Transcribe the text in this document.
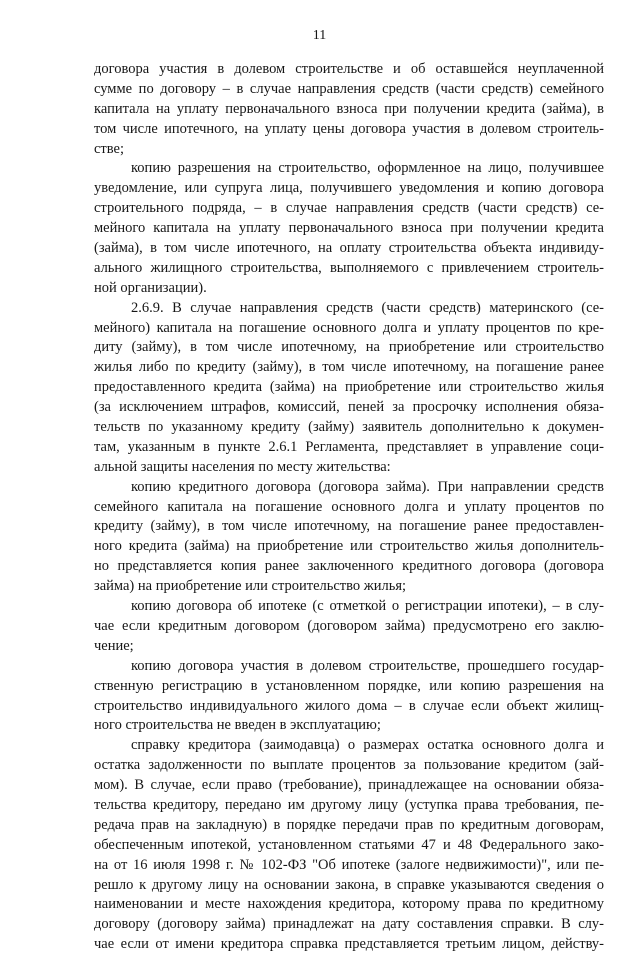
11
договора участия в долевом строительстве и об оставшейся неуплаченной
сумме по договору – в случае направления средств (части средств) семейного
капитала на уплату первоначального взноса при получении кредита (займа), в
том числе ипотечного, на уплату цены договора участия в долевом строитель-
стве;
копию разрешения на строительство, оформленное на лицо, получившее
уведомление, или супруга лица, получившего уведомления и копию договора
строительного подряда, – в случае направления средств (части средств) се-
мейного капитала на уплату первоначального взноса при получении кредита
(займа), в том числе ипотечного, на оплату строительства объекта индивиду-
ального жилищного строительства, выполняемого с привлечением строитель-
ной организации).
2.6.9. В случае направления средств (части средств) материнского (се-
мейного) капитала на погашение основного долга и уплату процентов по кре-
диту (займу), в том числе ипотечному, на приобретение или строительство
жилья либо по кредиту (займу), в том числе ипотечному, на погашение ранее
предоставленного кредита (займа) на приобретение или строительство жилья
(за исключением штрафов, комиссий, пеней за просрочку исполнения обяза-
тельств по указанному кредиту (займу) заявитель дополнительно к докумен-
там, указанным в пункте 2.6.1 Регламента, представляет в управление соци-
альной защиты населения по месту жительства:
копию кредитного договора (договора займа). При направлении средств
семейного капитала на погашение основного долга и уплату процентов по
кредиту (займу), в том числе ипотечному, на погашение ранее предоставлен-
ного кредита (займа) на приобретение или строительство жилья дополнитель-
но представляется копия ранее заключенного кредитного договора (договора
займа) на приобретение или строительство жилья;
копию договора об ипотеке (с отметкой о регистрации ипотеки), – в слу-
чае если кредитным договором (договором займа) предусмотрено его заклю-
чение;
копию договора участия в долевом строительстве, прошедшего государ-
ственную регистрацию в установленном порядке, или копию разрешения на
строительство индивидуального жилого дома – в случае если объект жилищ-
ного строительства не введен в эксплуатацию;
справку кредитора (заимодавца) о размерах остатка основного долга и
остатка задолженности по выплате процентов за пользование кредитом (зай-
мом). В случае, если право (требование), принадлежащее на основании обяза-
тельства кредитору, передано им другому лицу (уступка права требования, пе-
редача прав на закладную) в порядке передачи прав по кредитным договорам,
обеспеченным ипотекой, установленном статьями 47 и 48 Федерального зако-
на от 16 июля 1998 г. № 102-ФЗ "Об ипотеке (залоге недвижимости)", или пе-
решло к другому лицу на основании закона, в справке указываются сведения о
наименовании и месте нахождения кредитора, которому права по кредитному
договору (договору займа) принадлежат на дату составления справки. В слу-
чае если от имени кредитора справка представляется третьим лицом, действу-
